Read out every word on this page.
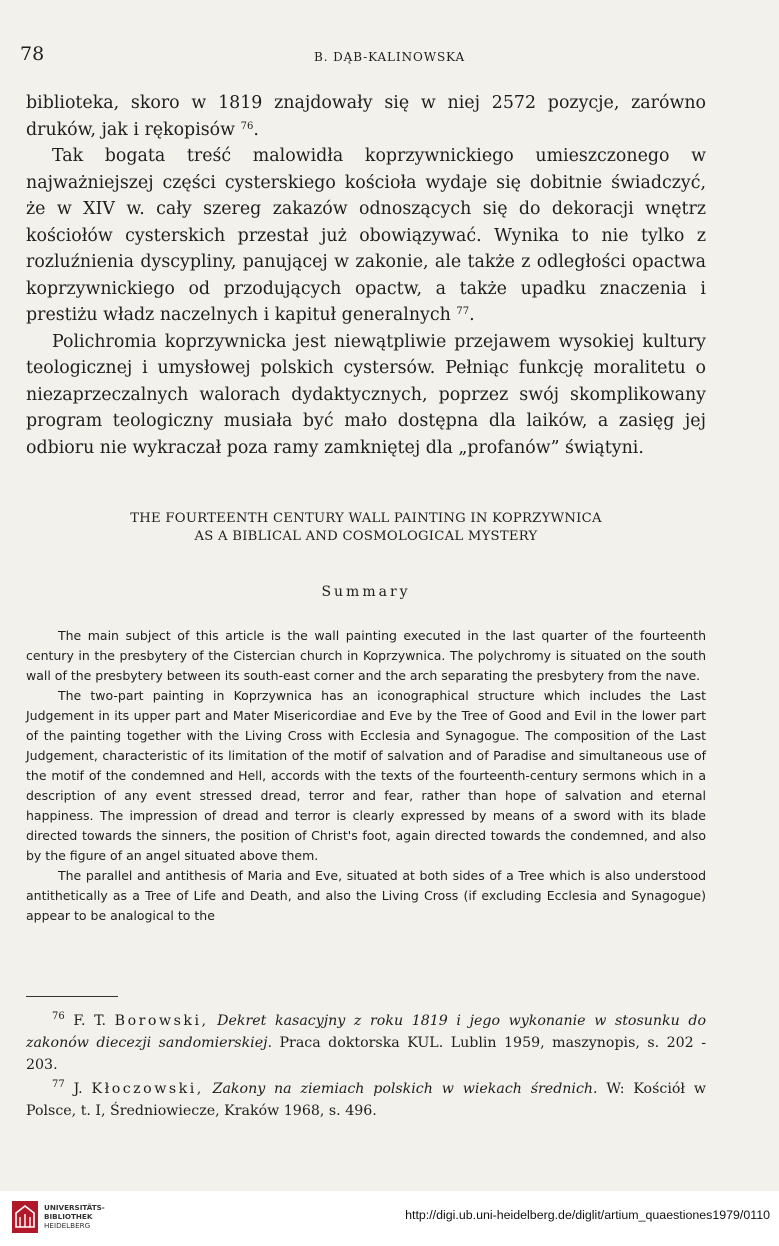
78	B. DĄB-KALINOWSKA

biblioteka, skoro w 1819 znajdowały się w niej 2572 pozycje, zarówno druków, jak i rękopisów $^{76}$.

Tak bogata treść malowidła koprzywnickiego umieszczonego w najważniejszej części cysterskiego kościoła wydaje się dobitnie świadczyć, że w XIV w. cały szereg zakazów odnoszących się do dekoracji wnętrz kościołów cysterskich przestał już obowiązywać. Wynika to nie tylko z rozluźnienia dyscypliny, panującej w zakonie, ale także z odległości opactwa koprzywnickiego od przodujących opactw, a także upadku znaczenia i prestiżu władz naczelnych i kapituł generalnych $^{77}$.

Polichromia koprzywnicka jest niewątpliwie przejawem wysokiej kultury teologicznej i umysłowej polskich cystersów. Pełniąc funkcję moralitetu o niezaprzeczalnych walorach dydaktycznych, poprzez swój skomplikowany program teologiczny musiała być mało dostępna dla laików, a zasięg jej odbioru nie wykraczał poza ramy zamkniętej dla „profanów” świątyni.

THE FOURTEENTH CENTURY WALL PAINTING IN KOPRZYWNICA
AS A BIBLICAL AND COSMOLOGICAL MYSTERY
Summary

The main subject of this article is the wall painting executed in the last quarter of the fourteenth century in the presbytery of the Cistercian church in Koprzywnica. The polychromy is situated on the south wall of the presbytery between its south-east corner and the arch separating the presbytery from the nave.

The two-part painting in Koprzywnica has an iconographical structure which includes the Last Judgement in its upper part and Mater Misericordiae and Eve by the Tree of Good and Evil in the lower part of the painting together with the Living Cross with Ecclesia and Synagogue. The composition of the Last Judgement, characteristic of its limitation of the motif of salvation and of Paradise and simultaneous use of the motif of the condemned and Hell, accords with the texts of the fourteenth-century sermons which in a description of any event stressed dread, terror and fear, rather than hope of salvation and eternal happiness. The impression of dread and terror is clearly expressed by means of a sword with its blade directed towards the sinners, the position of Christ's foot, again directed towards the condemned, and also by the figure of an angel situated above them.

The parallel and antithesis of Maria and Eve, situated at both sides of a Tree which is also understood antithetically as a Tree of Life and Death, and also the Living Cross (if excluding Ecclesia and Synagogue) appear to be analogical to the

$^{76}$ F. T. Borowski, Dekret kasacyjny z roku 1819 i jego wykonanie w stosunku do zakonów diecezji sandomierskiej. Praca doktorska KUL. Lublin 1959, maszynopis, s. 202 - 203.

$^{77}$ J. Kłoczowski, Zakony na ziemiach polskich w wiekach średnich. W: Kościół w Polsce, t. I, Średniowiecze, Kraków 1968, s. 496.

UNIVERSITÄTS-
BIBLIOTHEK
HEIDELBERG
http://digi.ub.uni-heidelberg.de/diglit/artium_quaestiones1979/0110
